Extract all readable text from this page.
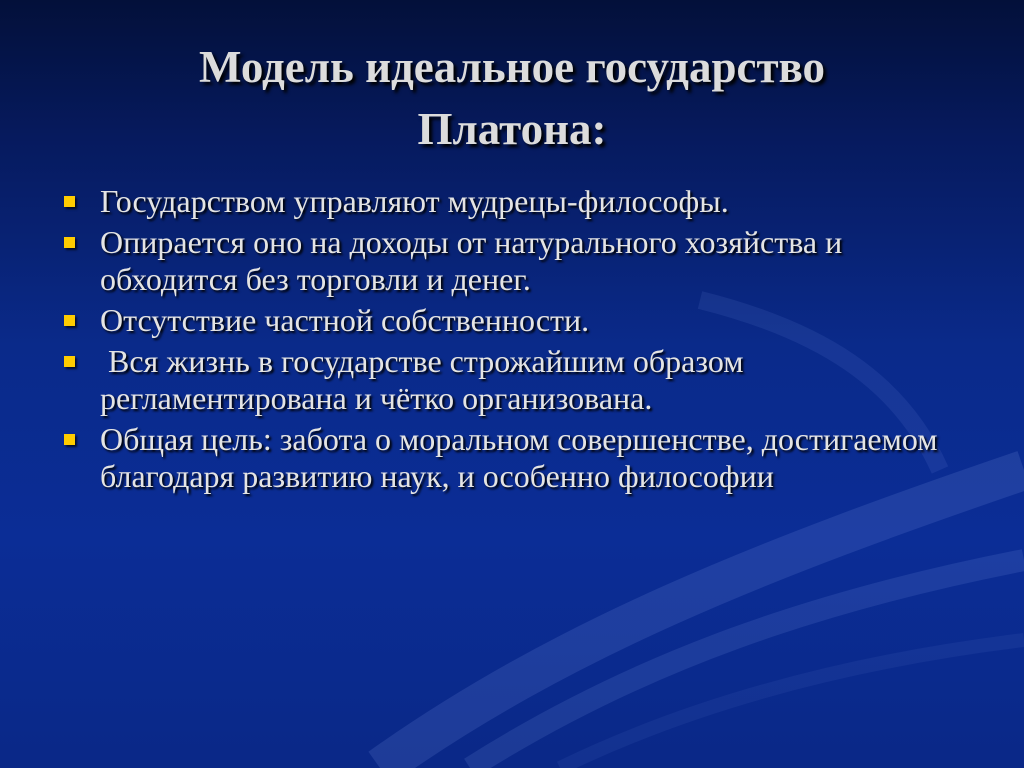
Модель идеальное государство
Платона:
Государством управляют мудрецы-философы.
Опирается оно на доходы от натурального хозяйства и обходится без торговли и денег.
Отсутствие частной собственности.
Вся жизнь в государстве строжайшим образом регламентирована и чётко организована.
Общая цель: забота о моральном совершенстве, достигаемом благодаря развитию наук, и особенно философии
